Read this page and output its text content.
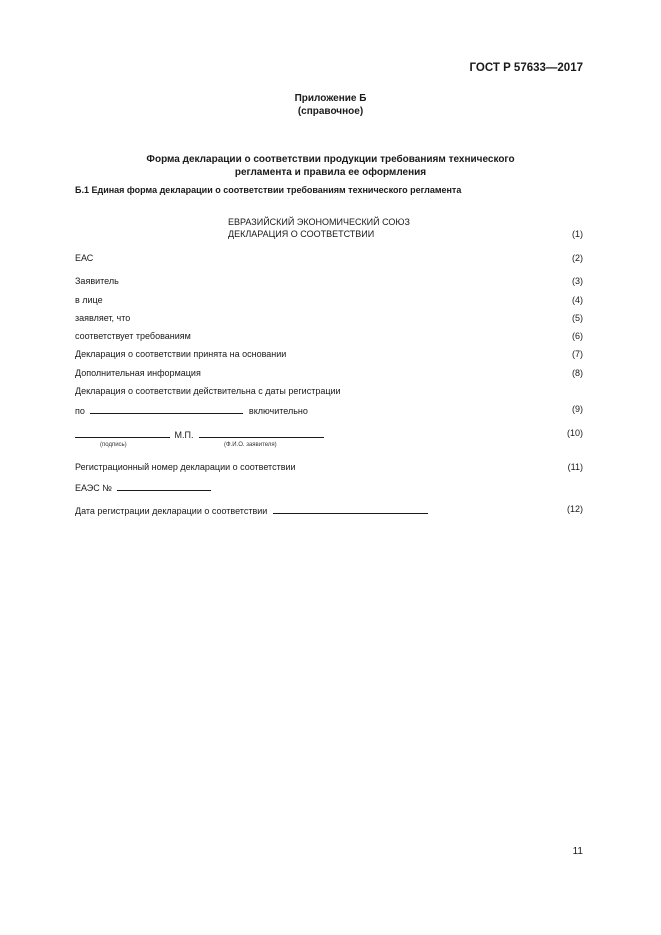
ГОСТ Р 57633—2017
Приложение Б
(справочное)
Форма декларации о соответствии продукции требованиям технического
регламента и правила ее оформления
Б.1 Единая форма декларации о соответствии требованиям технического регламента
ЕВРАЗИЙСКИЙ ЭКОНОМИЧЕСКИЙ СОЮЗ
ДЕКЛАРАЦИЯ О СООТВЕТСТВИИ	(1)
ЕАС	(2)
Заявитель	(3)
в лице	(4)
заявляет, что	(5)
соответствует требованиям	(6)
Декларация о соответствии принята на основании	(7)
Дополнительная информация	(8)
Декларация о соответствии действительна с даты регистрации
по	включительно	(9)
М.П.	(10)
(подпись)	(Ф.И.О. заявителя)
Регистрационный номер декларации о соответствии	(11)
ЕАЭС №
Дата регистрации декларации о соответствии	(12)
11
